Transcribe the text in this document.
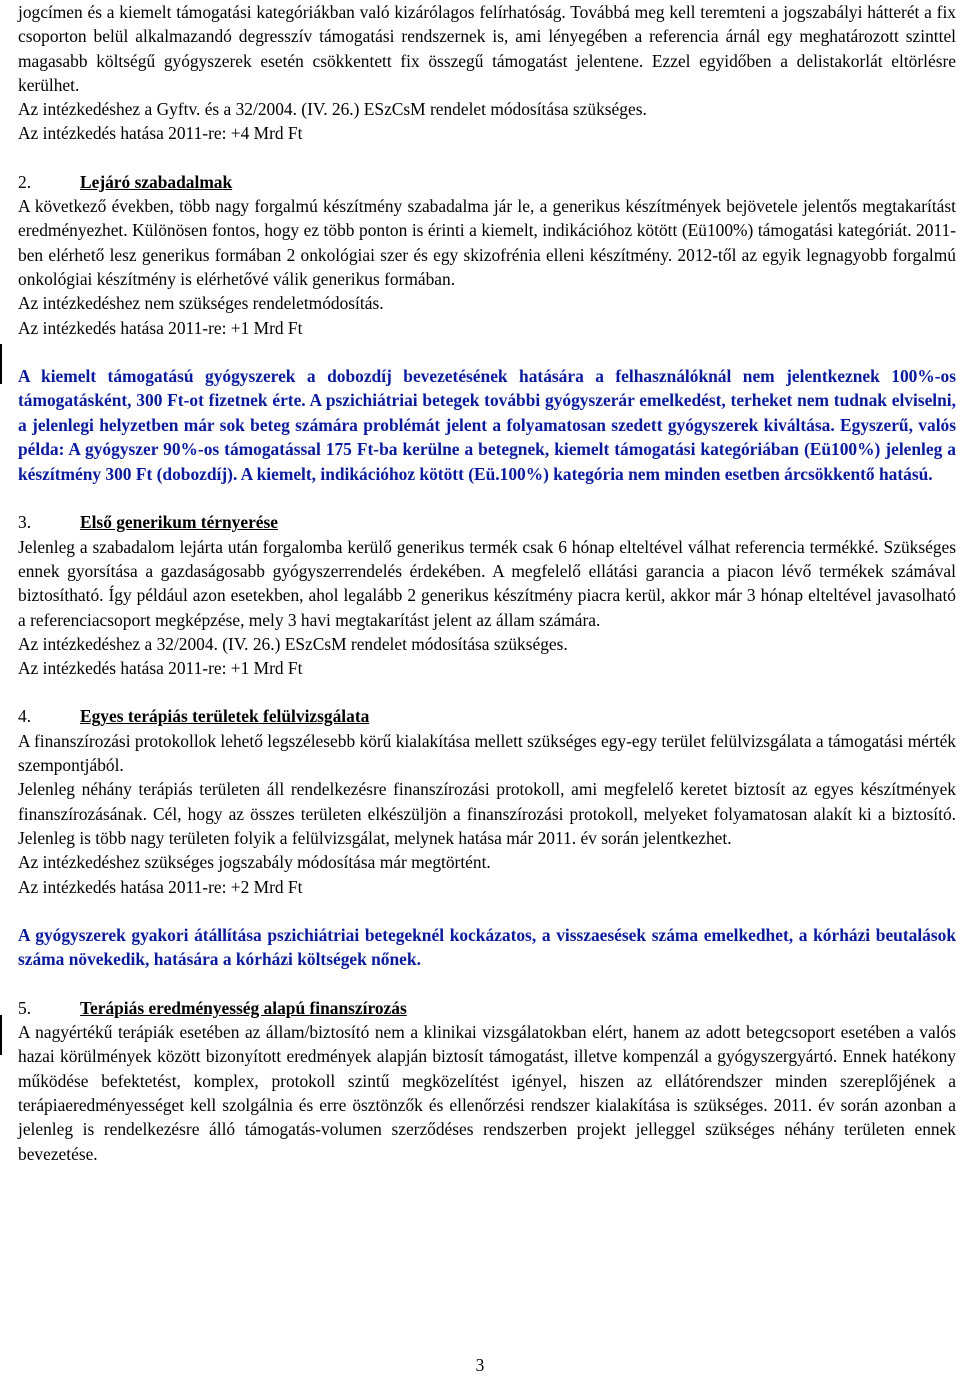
jogcímen és a kiemelt támogatási kategóriákban való kizárólagos felírhatóság. Továbbá meg kell teremteni a jogszabályi hátterét a fix csoporton belül alkalmazandó degresszív támogatási rendszernek is, ami lényegében a referencia árnál egy meghatározott szinttel magasabb költségű gyógyszerek esetén csökkentett fix összegű támogatást jelentene. Ezzel egyidőben a delistakorlát eltörlésre kerülhet.

Az intézkedéshez a Gyftv. és a 32/2004. (IV. 26.) ESzCsM rendelet módosítása szükséges.

Az intézkedés hatása 2011-re: +4 Mrd Ft

2.	Lejáró szabadalmak

A következő években, több nagy forgalmú készítmény szabadalma jár le, a generikus készítmények bejövetele jelentős megtakarítást eredményezhet. Különösen fontos, hogy ez több ponton is érinti a kiemelt, indikációhoz kötött (Eü100%) támogatási kategóriát. 2011-ben elérhető lesz generikus formában 2 onkológiai szer és egy skizofrénia elleni készítmény. 2012-től az egyik legnagyobb forgalmú onkológiai készítmény is elérhetővé válik generikus formában.

Az intézkedéshez nem szükséges rendeletmódosítás.

Az intézkedés hatása 2011-re: +1 Mrd Ft

A kiemelt támogatású gyógyszerek a dobozdíj bevezetésének hatására a felhasználóknál nem jelentkeznek 100%-os támogatásként, 300 Ft-ot fizetnek érte. A pszichiátriai betegek további gyógyszerár emelkedést, terheket nem tudnak elviselni, a jelenlegi helyzetben már sok beteg számára problémát jelent a folyamatosan szedett gyógyszerek kiváltása. Egyszerű, valós példa: A gyógyszer 90%-os támogatással 175 Ft-ba kerülne a betegnek, kiemelt támogatási kategóriában (Eü100%) jelenleg a készítmény 300 Ft (dobozdíj). A kiemelt, indikációhoz kötött (Eü.100%) kategória nem minden esetben árcsökkentő hatású.

3.	Első generikum térnyerése

Jelenleg a szabadalom lejárta után forgalomba kerülő generikus termék csak 6 hónap elteltével válhat referencia termékké. Szükséges ennek gyorsítása a gazdaságosabb gyógyszerrendelés érdekében. A megfelelő ellátási garancia a piacon lévő termékek számával biztosítható. Így például azon esetekben, ahol legalább 2 generikus készítmény piacra kerül, akkor már 3 hónap elteltével javasolható a referenciacsoport megképzése, mely 3 havi megtakarítást jelent az állam számára.

Az intézkedéshez a 32/2004. (IV. 26.) ESzCsM rendelet módosítása szükséges.

Az intézkedés hatása 2011-re: +1 Mrd Ft

4.	Egyes terápiás területek felülvizsgálata

A finanszírozási protokollok lehető legszélesebb körű kialakítása mellett szükséges egy-egy terület felülvizsgálata a támogatási mérték szempontjából.

Jelenleg néhány terápiás területen áll rendelkezésre finanszírozási protokoll, ami megfelelő keretet biztosít az egyes készítmények finanszírozásának. Cél, hogy az összes területen elkészüljön a finanszírozási protokoll, melyeket folyamatosan alakít ki a biztosító. Jelenleg is több nagy területen folyik a felülvizsgálat, melynek hatása már 2011. év során jelentkezhet.

Az intézkedéshez szükséges jogszabály módosítása már megtörtént.

Az intézkedés hatása 2011-re: +2 Mrd Ft

A gyógyszerek gyakori átállítása pszichiátriai betegeknél kockázatos, a visszaesések száma emelkedhet, a kórházi beutalások száma növekedik, hatására a kórházi költségek nőnek.

5.	Terápiás eredményesség alapú finanszírozás

A nagyértékű terápiák esetében az állam/biztosító nem a klinikai vizsgálatokban elért, hanem az adott betegcsoport esetében a valós hazai körülmények között bizonyított eredmények alapján biztosít támogatást, illetve kompenzál a gyógyszergyártó. Ennek hatékony működése befektetést, komplex, protokoll szintű megközelítést igényel, hiszen az ellátórendszer minden szereplőjének a terápiaeredményességet kell szolgálnia és erre ösztönzők és ellenőrzési rendszer kialakítása is szükséges. 2011. év során azonban a jelenleg is rendelkezésre álló támogatás-volumen szerződéses rendszerben projekt jelleggel szükséges néhány területen ennek bevezetése.

3
